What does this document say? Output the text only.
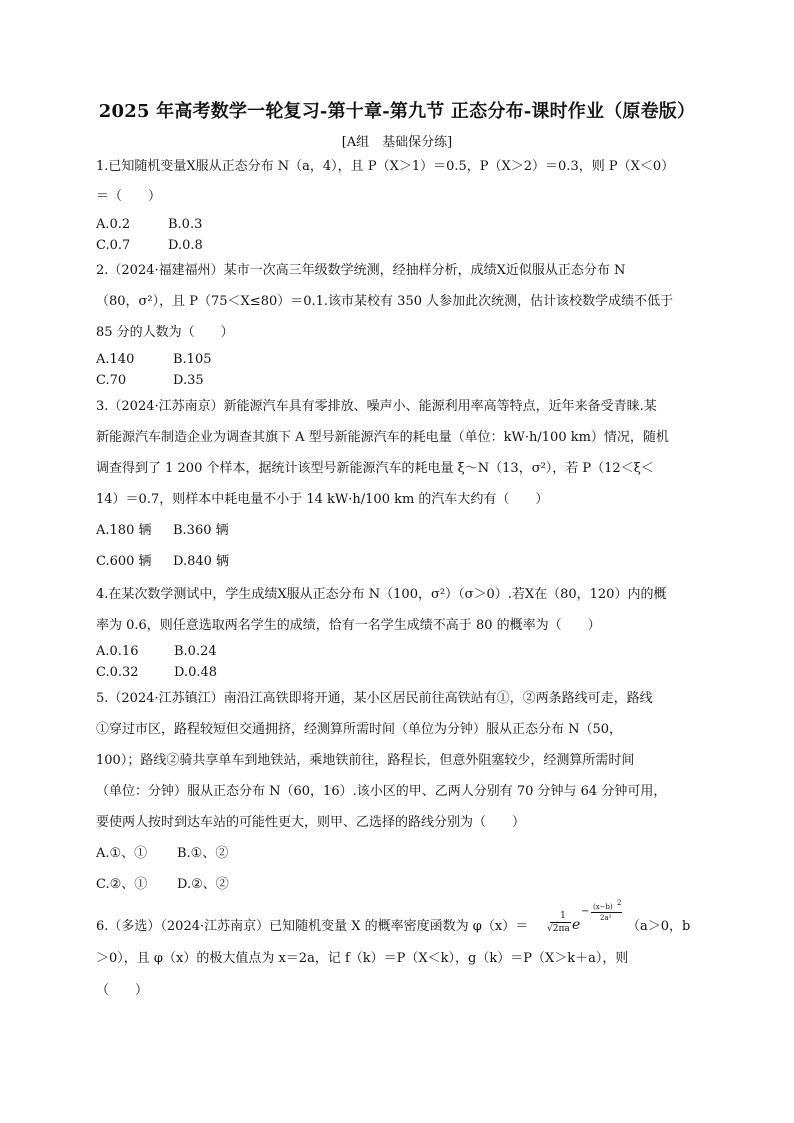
2025 年高考数学一轮复习-第十章-第九节 正态分布-课时作业（原卷版）
[A组　基础保分练]
1.已知随机变量X服从正态分布 N（a，4），且 P（X＞1）＝0.5，P（X＞2）＝0.3，则 P（X＜0）
＝（　　）
A.0.2	B.0.3
C.0.7	D.0.8
2.（2024·福建福州）某市一次高三年级数学统测，经抽样分析，成绩X近似服从正态分布 N
（80，σ²），且 P（75＜X≤80）＝0.1.该市某校有 350 人参加此次统测，估计该校数学成绩不低于
85 分的人数为（　　）
A.140	B.105
C.70	D.35
3.（2024·江苏南京）新能源汽车具有零排放、噪声小、能源利用率高等特点，近年来备受青睐.某
新能源汽车制造企业为调查其旗下 A 型号新能源汽车的耗电量（单位：kW·h/100 km）情况，随机
调查得到了 1 200 个样本，据统计该型号新能源汽车的耗电量 ξ～N（13，σ²），若 P（12＜ξ＜
14）＝0.7，则样本中耗电量不小于 14 kW·h/100 km 的汽车大约有（　　）
A.180 辆 B.360 辆
C.600 辆 D.840 辆
4.在某次数学测试中，学生成绩X服从正态分布 N（100，σ²）（σ＞0）.若X在（80，120）内的概
率为 0.6，则任意选取两名学生的成绩，恰有一名学生成绩不高于 80 的概率为（　　）
A.0.16	B.0.24
C.0.32	D.0.48
5.（2024·江苏镇江）南沿江高铁即将开通，某小区居民前往高铁站有①，②两条路线可走，路线
①穿过市区，路程较短但交通拥挤，经测算所需时间（单位为分钟）服从正态分布 N（50，
100）；路线②骑共享单车到地铁站，乘地铁前往，路程长，但意外阻塞较少，经测算所需时间
（单位：分钟）服从正态分布 N（60，16）.该小区的甲、乙两人分别有 70 分钟与 64 分钟可用，
要使两人按时到达车站的可能性更大，则甲、乙选择的路线分别为（　　）
A.①、① B.①、②
C.②、① D.②、②
6.（多选）（2024·江苏南京）已知随机变量 X 的概率密度函数为 φ（x）＝
1
√2πa e
− (x−b) 2
2a²
（a＞0，b
＞0），且 φ（x）的极大值点为 x＝2a，记 f（k）＝P（X＜k），g（k）＝P（X＞k＋a），则
（　　）
